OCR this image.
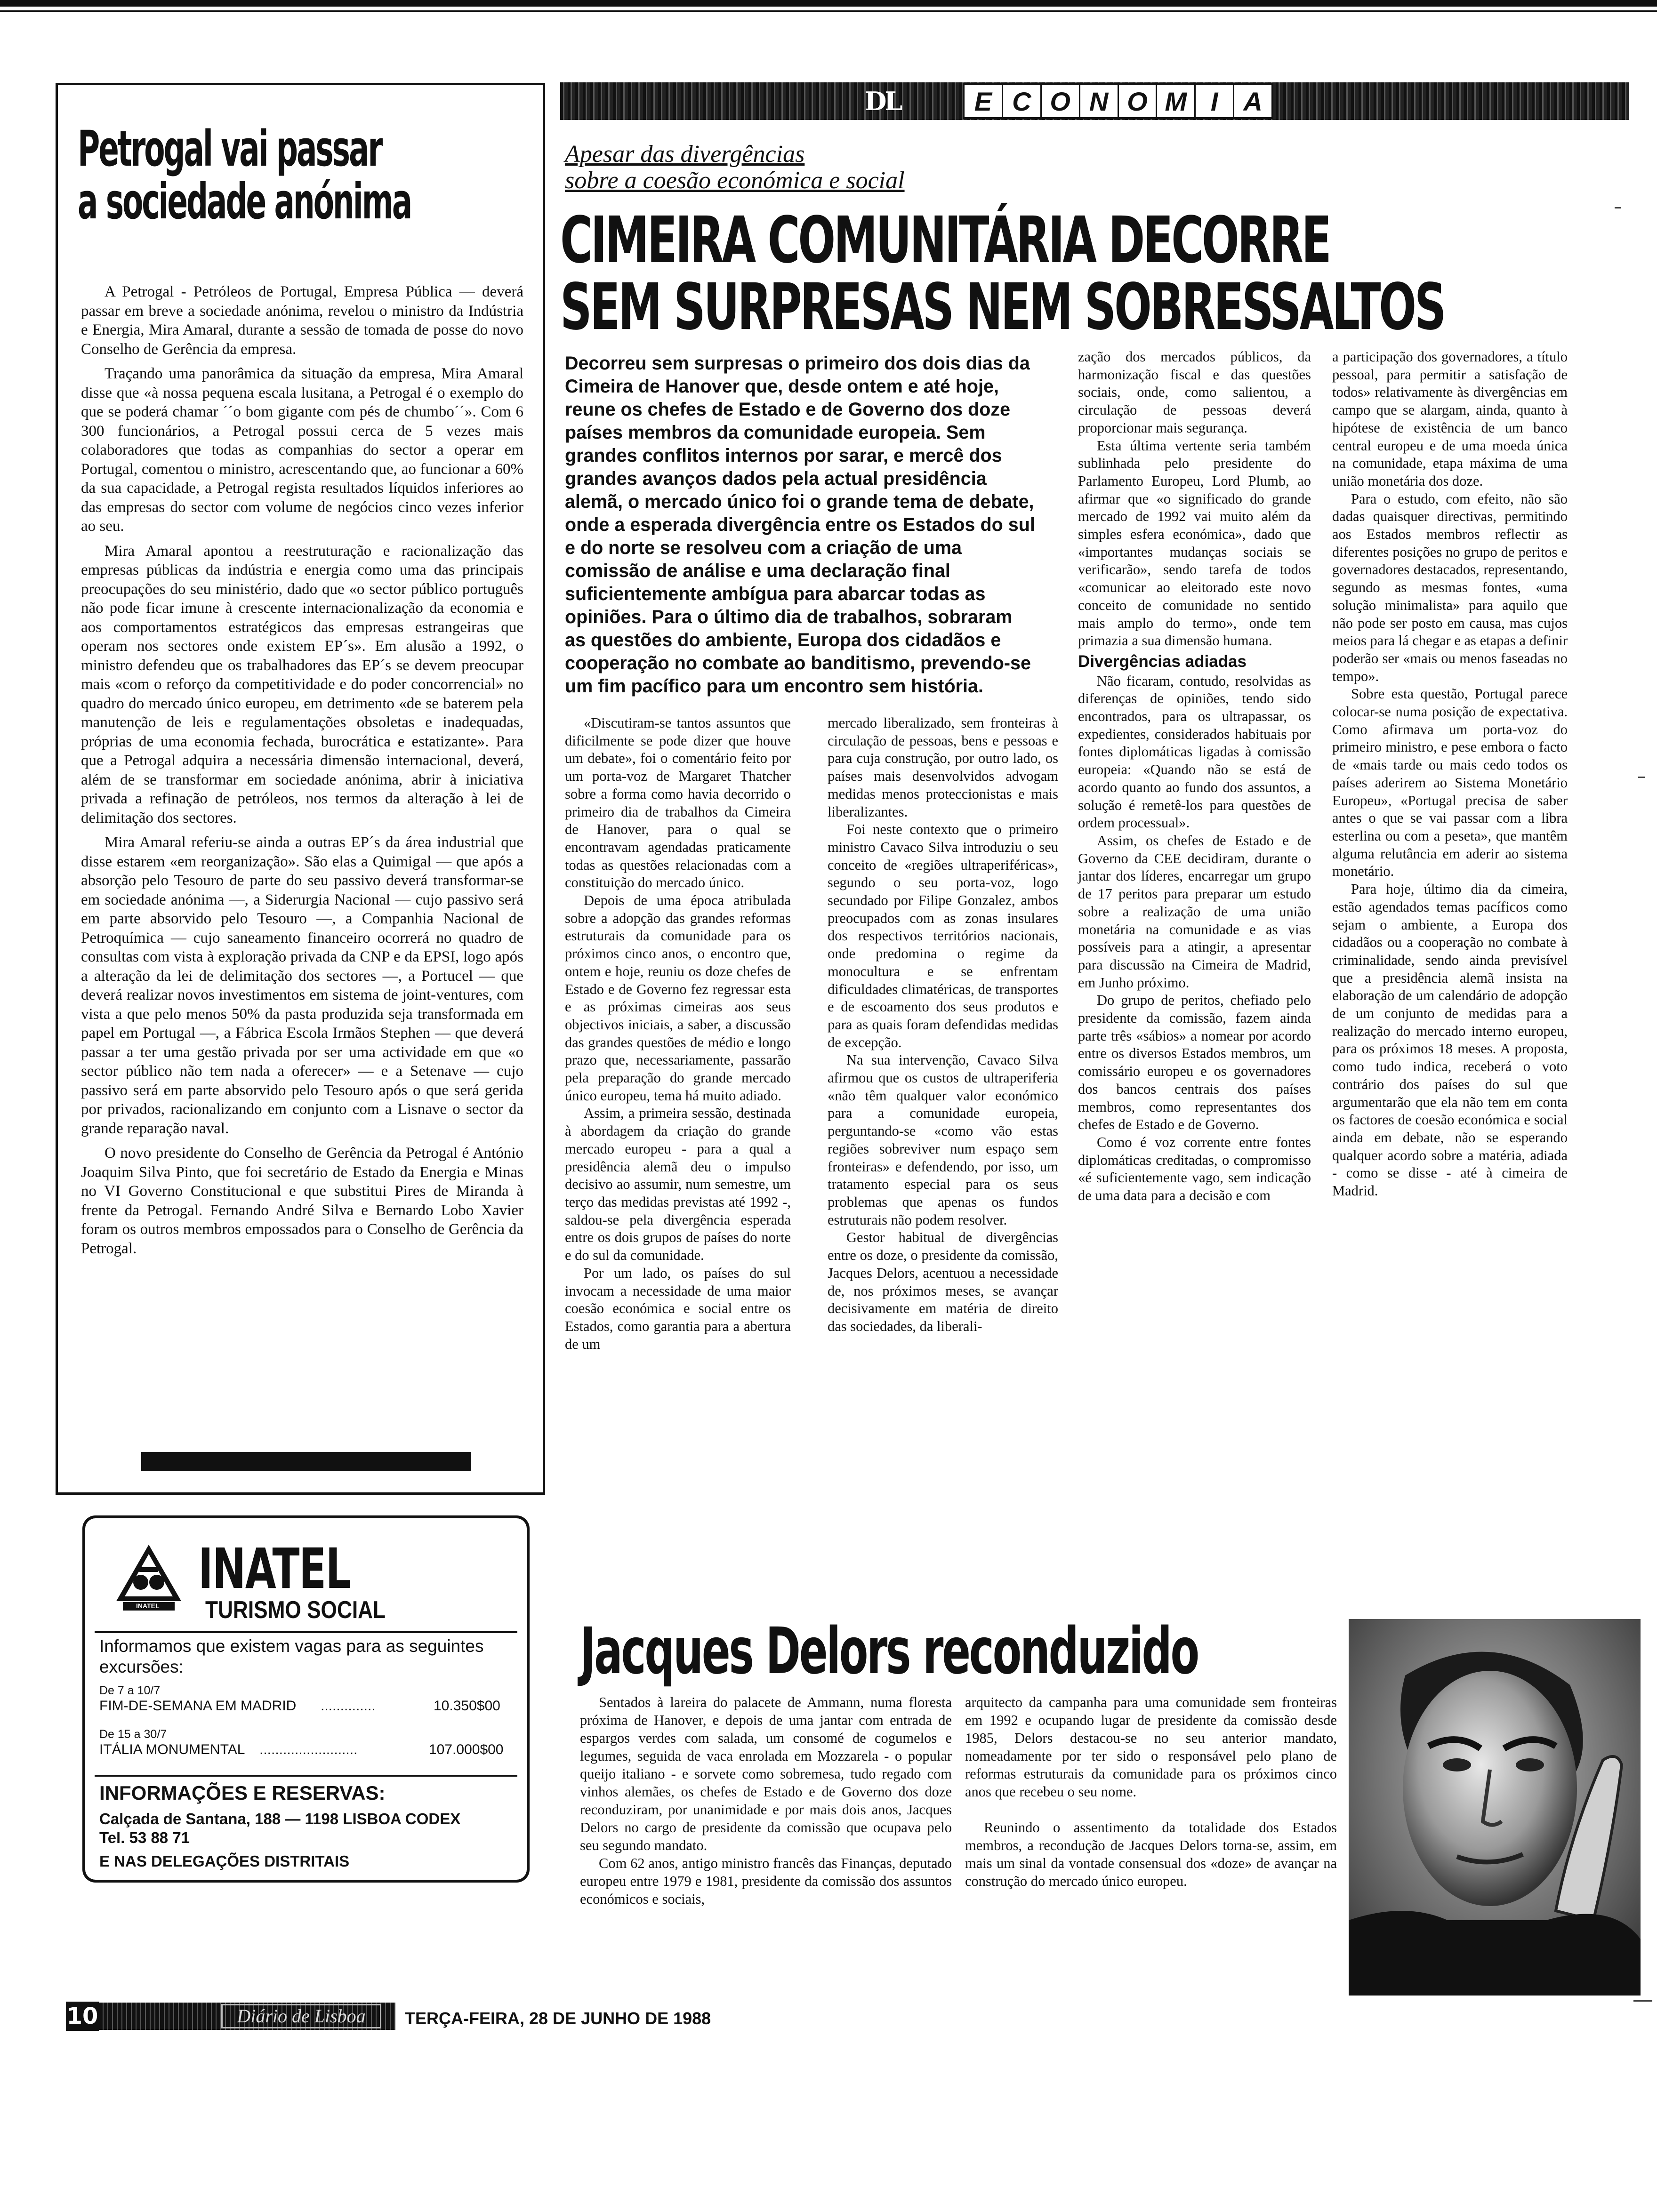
Petrogal vai passar
a sociedade anónima

A Petrogal - Petróleos de Portugal, Empresa Pública — deverá passar em breve a sociedade anónima, revelou o ministro da Indústria e Energia, Mira Amaral, durante a sessão de tomada de posse do novo Conselho de Gerência da empresa.

Traçando uma panorâmica da situação da empresa, Mira Amaral disse que «à nossa pequena escala lusitana, a Petrogal é o exemplo do que se poderá chamar ´´o bom gigante com pés de chumbo´´». Com 6 300 funcionários, a Petrogal possui cerca de 5 vezes mais colaboradores que todas as companhias do sector a operar em Portugal, comentou o ministro, acrescentando que, ao funcionar a 60% da sua capacidade, a Petrogal regista resultados líquidos inferiores ao das empresas do sector com volume de negócios cinco vezes inferior ao seu.

Mira Amaral apontou a reestruturação e racionalização das empresas públicas da indústria e energia como uma das principais preocupações do seu ministério, dado que «o sector público português não pode ficar imune à crescente internacionalização da economia e aos comportamentos estratégicos das empresas estrangeiras que operam nos sectores onde existem EP´s». Em alusão a 1992, o ministro defendeu que os trabalhadores das EP´s se devem preocupar mais «com o reforço da competitividade e do poder concorrencial» no quadro do mercado único europeu, em detrimento «de se baterem pela manutenção de leis e regulamentações obsoletas e inadequadas, próprias de uma economia fechada, burocrática e estatizante». Para que a Petrogal adquira a necessária dimensão internacional, deverá, além de se transformar em sociedade anónima, abrir à iniciativa privada a refinação de petróleos, nos termos da alteração à lei de delimitação dos sectores.

Mira Amaral referiu-se ainda a outras EP´s da área industrial que disse estarem «em reorganização». São elas a Quimigal — que após a absorção pelo Tesouro de parte do seu passivo deverá transformar-se em sociedade anónima —, a Siderurgia Nacional — cujo passivo será em parte absorvido pelo Tesouro —, a Companhia Nacional de Petroquímica — cujo saneamento financeiro ocorrerá no quadro de consultas com vista à exploração privada da CNP e da EPSI, logo após a alteração da lei de delimitação dos sectores —, a Portucel — que deverá realizar novos investimentos em sistema de joint-ventures, com vista a que pelo menos 50% da pasta produzida seja transformada em papel em Portugal —, a Fábrica Escola Irmãos Stephen — que deverá passar a ter uma gestão privada por ser uma actividade em que «o sector público não tem nada a oferecer» — e a Setenave — cujo passivo será em parte absorvido pelo Tesouro após o que será gerida por privados, racionalizando em conjunto com a Lisnave o sector da grande reparação naval.

O novo presidente do Conselho de Gerência da Petrogal é António Joaquim Silva Pinto, que foi secretário de Estado da Energia e Minas no VI Governo Constitucional e que substitui Pires de Miranda à frente da Petrogal. Fernando André Silva e Bernardo Lobo Xavier foram os outros membros empossados para o Conselho de Gerência da Petrogal.

INATEL
INATEL
TURISMO SOCIAL
Informamos que existem vagas para as seguintes excursões:
De 7 a 10/7
FIM-DE-SEMANA EM MADRID ..............	10.350$00
De 15 a 30/7
ITÁLIA MONUMENTAL .........................	107.000$00
INFORMAÇÕES E RESERVAS:
Calçada de Santana, 188 — 1198 LISBOA CODEX
Tel. 53 88 71
E NAS DELEGAÇÕES DISTRITAIS
DL	E C O N O M I A
Apesar das divergências
sobre a coesão económica e social
CIMEIRA COMUNITÁRIA DECORRE
SEM SURPRESAS NEM SOBRESSALTOS
Decorreu sem surpresas o primeiro dos dois dias da Cimeira de Hanover que, desde ontem e até hoje, reune os chefes de Estado e de Governo dos doze países membros da comunidade europeia. Sem grandes conflitos internos por sarar, e mercê dos grandes avanços dados pela actual presidência alemã, o mercado único foi o grande tema de debate, onde a esperada divergência entre os Estados do sul e do norte se resolveu com a criação de uma comissão de análise e uma declaração final suficientemente ambígua para abarcar todas as opiniões. Para o último dia de trabalhos, sobraram as questões do ambiente, Europa dos cidadãos e cooperação no combate ao banditismo, prevendo-se um fim pacífico para um encontro sem história.

«Discutiram-se tantos assuntos que dificilmente se pode dizer que houve um debate», foi o comentário feito por um porta-voz de Margaret Thatcher sobre a forma como havia decorrido o primeiro dia de trabalhos da Cimeira de Hanover, para o qual se encontravam agendadas praticamente todas as questões relacionadas com a constituição do mercado único.

Depois de uma época atribulada sobre a adopção das grandes reformas estruturais da comunidade para os próximos cinco anos, o encontro que, ontem e hoje, reuniu os doze chefes de Estado e de Governo fez regressar esta e as próximas cimeiras aos seus objectivos iniciais, a saber, a discussão das grandes questões de médio e longo prazo que, necessariamente, passarão pela preparação do grande mercado único europeu, tema há muito adiado.

Assim, a primeira sessão, destinada à abordagem da criação do grande mercado europeu - para a qual a presidência alemã deu o impulso decisivo ao assumir, num semestre, um terço das medidas previstas até 1992 -, saldou-se pela divergência esperada entre os dois grupos de países do norte e do sul da comunidade.

Por um lado, os países do sul invocam a necessidade de uma maior coesão económica e social entre os Estados, como garantia para a abertura de um

mercado liberalizado, sem fronteiras à circulação de pessoas, bens e pessoas e para cuja construção, por outro lado, os países mais desenvolvidos advogam medidas menos proteccionistas e mais liberalizantes.

Foi neste contexto que o primeiro ministro Cavaco Silva introduziu o seu conceito de «regiões ultraperiféricas», segundo o seu porta-voz, logo secundado por Filipe Gonzalez, ambos preocupados com as zonas insulares dos respectivos territórios nacionais, onde predomina o regime da monocultura e se enfrentam dificuldades climatéricas, de transportes e de escoamento dos seus produtos e para as quais foram defendidas medidas de excepção.

Na sua intervenção, Cavaco Silva afirmou que os custos de ultraperiferia «não têm qualquer valor económico para a comunidade europeia, perguntando-se «como vão estas regiões sobreviver num espaço sem fronteiras» e defendendo, por isso, um tratamento especial para os seus problemas que apenas os fundos estruturais não podem resolver.

Gestor habitual de divergências entre os doze, o presidente da comissão, Jacques Delors, acentuou a necessidade de, nos próximos meses, se avançar decisivamente em matéria de direito das sociedades, da liberali-

zação dos mercados públicos, da harmonização fiscal e das questões sociais, onde, como salientou, a circulação de pessoas deverá proporcionar mais segurança.

Esta última vertente seria também sublinhada pelo presidente do Parlamento Europeu, Lord Plumb, ao afirmar que «o significado do grande mercado de 1992 vai muito além da simples esfera económica», dado que «importantes mudanças sociais se verificarão», sendo tarefa de todos «comunicar ao eleitorado este novo conceito de comunidade no sentido mais amplo do termo», onde tem primazia a sua dimensão humana.

Divergências adiadas

Não ficaram, contudo, resolvidas as diferenças de opiniões, tendo sido encontrados, para os ultrapassar, os expedientes, considerados habituais por fontes diplomáticas ligadas à comissão europeia: «Quando não se está de acordo quanto ao fundo dos assuntos, a solução é remetê-los para questões de ordem processual».

Assim, os chefes de Estado e de Governo da CEE decidiram, durante o jantar dos líderes, encarregar um grupo de 17 peritos para preparar um estudo sobre a realização de uma união monetária na comunidade e as vias possíveis para a atingir, a apresentar para discussão na Cimeira de Madrid, em Junho próximo.

Do grupo de peritos, chefiado pelo presidente da comissão, fazem ainda parte três «sábios» a nomear por acordo entre os diversos Estados membros, um comissário europeu e os governadores dos bancos centrais dos países membros, como representantes dos chefes de Estado e de Governo.

Como é voz corrente entre fontes diplomáticas creditadas, o compromisso «é suficientemente vago, sem indicação de uma data para a decisão e com

a participação dos governadores, a título pessoal, para permitir a satisfação de todos» relativamente às divergências em campo que se alargam, ainda, quanto à hipótese de existência de um banco central europeu e de uma moeda única na comunidade, etapa máxima de uma união monetária dos doze.

Para o estudo, com efeito, não são dadas quaisquer directivas, permitindo aos Estados membros reflectir as diferentes posições no grupo de peritos e governadores destacados, representando, segundo as mesmas fontes, «uma solução minimalista» para aquilo que não pode ser posto em causa, mas cujos meios para lá chegar e as etapas a definir poderão ser «mais ou menos faseadas no tempo».

Sobre esta questão, Portugal parece colocar-se numa posição de expectativa. Como afirmava um porta-voz do primeiro ministro, e pese embora o facto de «mais tarde ou mais cedo todos os países aderirem ao Sistema Monetário Europeu», «Portugal precisa de saber antes o que se vai passar com a libra esterlina ou com a peseta», que mantêm alguma relutância em aderir ao sistema monetário.

Para hoje, último dia da cimeira, estão agendados temas pacíficos como sejam o ambiente, a Europa dos cidadãos ou a cooperação no combate à criminalidade, sendo ainda previsível que a presidência alemã insista na elaboração de um calendário de adopção de um conjunto de medidas para a realização do mercado interno europeu, para os próximos 18 meses. A proposta, como tudo indica, receberá o voto contrário dos países do sul que argumentarão que ela não tem em conta os factores de coesão económica e social ainda em debate, não se esperando qualquer acordo sobre a matéria, adiada - como se disse - até à cimeira de Madrid.

Jacques Delors reconduzido

Sentados à lareira do palacete de Ammann, numa floresta próxima de Hanover, e depois de uma jantar com entrada de espargos verdes com salada, um consomé de cogumelos e legumes, seguida de vaca enrolada em Mozzarela - o popular queijo italiano - e sorvete como sobremesa, tudo regado com vinhos alemães, os chefes de Estado e de Governo dos doze reconduziram, por unanimidade e por mais dois anos, Jacques Delors no cargo de presidente da comissão que ocupava pelo seu segundo mandato.

Com 62 anos, antigo ministro francês das Finanças, deputado europeu entre 1979 e 1981, presidente da comissão dos assuntos económicos e sociais,

arquitecto da campanha para uma comunidade sem fronteiras em 1992 e ocupando lugar de presidente da comissão desde 1985, Delors destacou-se no seu anterior mandato, nomeadamente por ter sido o responsável pelo plano de reformas estruturais da comunidade para os próximos cinco anos que recebeu o seu nome.

Reunindo o assentimento da totalidade dos Estados membros, a recondução de Jacques Delors torna-se, assim, em mais um sinal da vontade consensual dos «doze» de avançar na construção do mercado único europeu.

10	Diário de Lisboa	TERÇA-FEIRA, 28 DE JUNHO DE 1988
